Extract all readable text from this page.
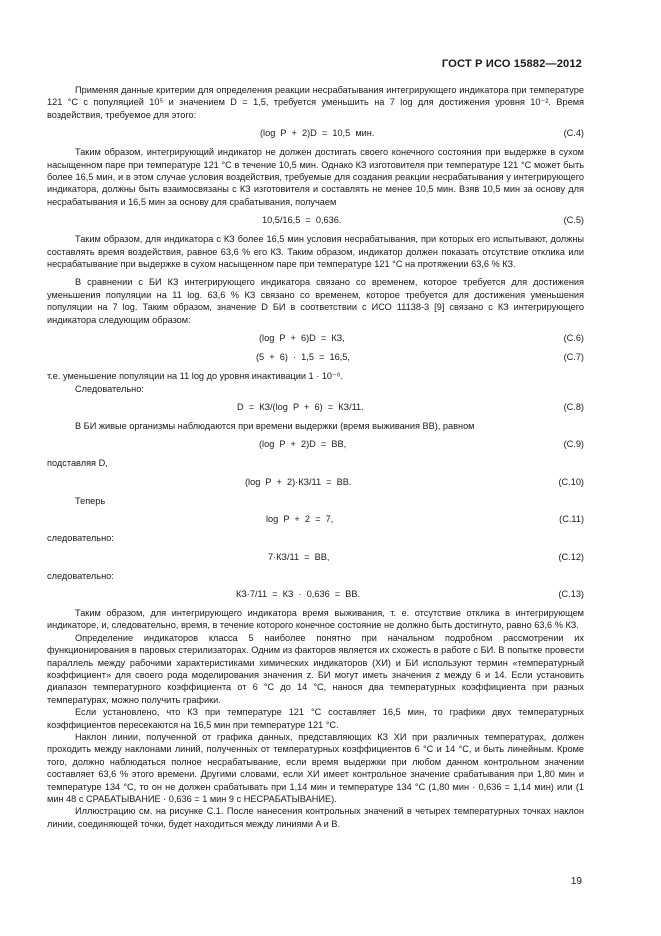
ГОСТ Р ИСО 15882—2012

Применяя данные критерии для определения реакции несрабатывания интегрирующего индикатора при температуре 121 °С с популяцией 10⁵ и значением D = 1,5, требуется уменьшить на 7 log для достижения уровня 10⁻². Время воздействия, требуемое для этого:

(log  P  +  2)D  =  10,5  мин.	(C.4)

Таким образом, интегрирующий индикатор не должен достигать своего конечного состояния при выдержке в сухом насыщенном паре при температуре 121 °С в течение 10,5 мин. Однако КЗ изготовителя при температуре 121 °С может быть более 16,5 мин, и в этом случае условия воздействия, требуемые для создания реакции несрабатывания у интегрирующего индикатора, должны быть взаимосвязаны с КЗ изготовителя и составлять не менее 10,5 мин. Взяв 10,5 мин за основу для несрабатывания и 16,5 мин за основу для срабатывания, получаем

10,5/16,5  =  0,636.	(C.5)

Таким образом, для индикатора с КЗ более 16,5 мин условия несрабатывания, при которых его испытывают, должны составлять время воздействия, равное 63,6 % его КЗ. Таким образом, индикатор должен показать отсутствие отклика или несрабатывание при выдержке в сухом насыщенном паре при температуре 121 °С на протяжении 63,6 % КЗ.

В сравнении с БИ КЗ интегрирующего индикатора связано со временем, которое требуется для достижения уменьшения популяции на 11 log. 63,6 % КЗ связано со временем, которое требуется для достижения уменьшения популяции на 7 log. Таким образом, значение D БИ в соответствии с ИСО 11138-3 [9] связано с КЗ интегрирующего индикатора следующим образом:

(log  P  +  6)D  =  КЗ,	(C.6)
(5  +  6)  ·  1,5  =  16,5,	(C.7)

т.е. уменьшение популяции на 11 log до уровня инактивации 1 · 10⁻⁶.

Следовательно:

D  =  КЗ/(log  P  +  6)  =  КЗ/11.	(C.8)

В БИ живые организмы наблюдаются при времени выдержки (время выживания ВВ), равном

(log  P  +  2)D  =  ВВ,	(C.9)

подставляя D,

(log  P  +  2)·КЗ/11  =  ВВ.	(C.10)

Теперь

log  P  +  2  =  7,	(C.11)

следовательно:

7·КЗ/11  =  ВВ,	(C.12)

следовательно:

КЗ·7/11  =  КЗ  ·  0,636  =  ВВ.	(C.13)

Таким образом, для интегрирующего индикатора время выживания, т. е. отсутствие отклика в интегрирующем индикаторе, и, следовательно, время, в течение которого конечное состояние не должно быть достигнуто, равно 63,6 % КЗ.

Определение индикаторов класса 5 наиболее понятно при начальном подробном рассмотрении их функционирования в паровых стерилизаторах. Одним из факторов является их схожесть в работе с БИ. В попытке провести параллель между рабочими характеристиками химических индикаторов (ХИ) и БИ используют термин «температурный коэффициент» для своего рода моделирования значения z. БИ могут иметь значения z между 6 и 14. Если установить диапазон температурного коэффициента от 6 °С до 14 °С, нанося два температурных коэффициента при разных температурах, можно получить графики.

Если установлено, что КЗ при температуре 121 °С составляет 16,5 мин, то графики двух температурных коэффициентов пересекаются на 16,5 мин при температуре 121 °С.

Наклон линии, полученной от графика данных, представляющих КЗ ХИ при различных температурах, должен проходить между наклонами линий, полученных от температурных коэффициентов 6 °С и 14 °С, и быть линейным. Кроме того, должно наблюдаться полное несрабатывание, если время выдержки при любом данном контрольном значении составляет 63,6 % этого времени. Другими словами, если ХИ имеет контрольное значение срабатывания при 1,80 мин и температуре 134 °С, то он не должен срабатывать при 1,14 мин и температуре 134 °С (1,80 мин · 0,636 = 1,14 мин) или (1 мин 48 с СРАБАТЫВАНИЕ · 0,636 = 1 мин 9 с НЕСРАБАТЫВАНИЕ).

Иллюстрацию см. на рисунке С.1. После нанесения контрольных значений в четырех температурных точках наклон линии, соединяющей точки, будет находиться между линиями A и B.

19
